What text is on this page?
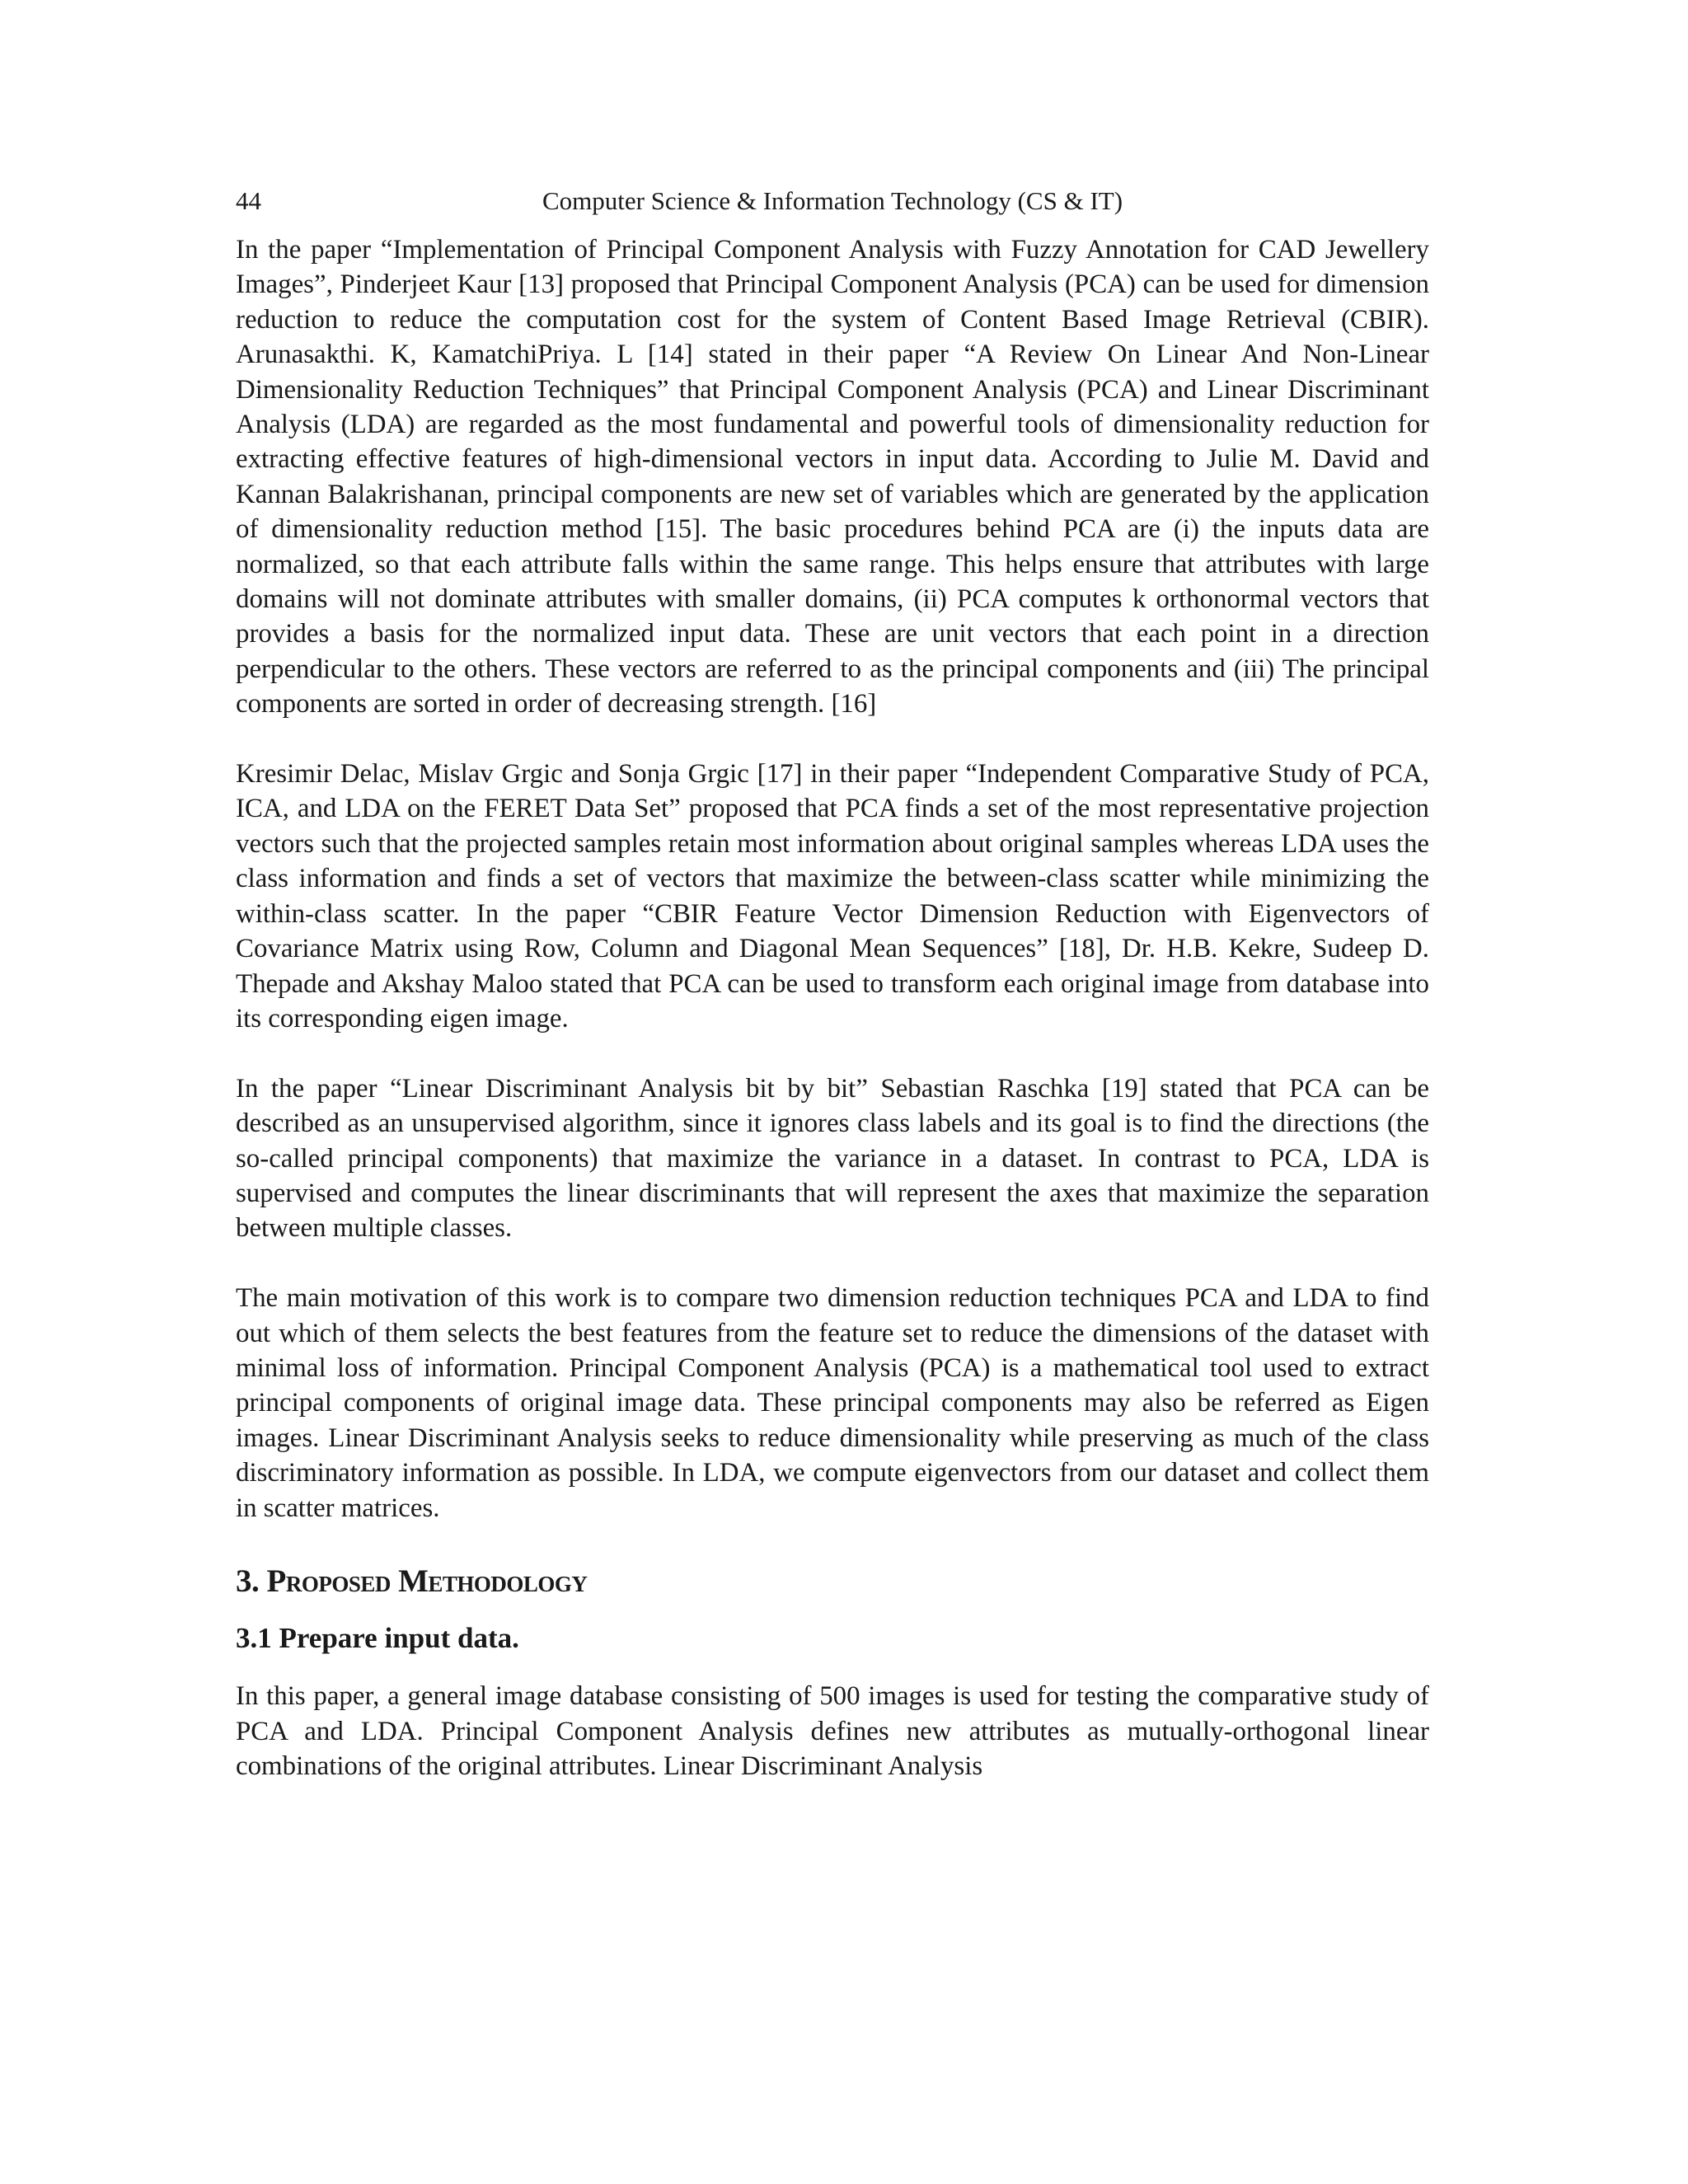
44	Computer Science & Information Technology (CS & IT)

In the paper “Implementation of Principal Component Analysis with Fuzzy Annotation for CAD Jewellery Images”, Pinderjeet Kaur [13] proposed that Principal Component Analysis (PCA) can be used for dimension reduction to reduce the computation cost for the system of Content Based Image Retrieval (CBIR). Arunasakthi. K, KamatchiPriya. L [14] stated in their paper “A Review On Linear And Non-Linear Dimensionality Reduction Techniques” that Principal Component Analysis (PCA) and Linear Discriminant Analysis (LDA) are regarded as the most fundamental and powerful tools of dimensionality reduction for extracting effective features of high-dimensional vectors in input data. According to Julie M. David and Kannan Balakrishanan, principal components are new set of variables which are generated by the application of dimensionality reduction method [15]. The basic procedures behind PCA are (i) the inputs data are normalized, so that each attribute falls within the same range. This helps ensure that attributes with large domains will not dominate attributes with smaller domains, (ii) PCA computes k orthonormal vectors that provides a basis for the normalized input data. These are unit vectors that each point in a direction perpendicular to the others. These vectors are referred to as the principal components and (iii) The principal components are sorted in order of decreasing strength. [16]

Kresimir Delac, Mislav Grgic and Sonja Grgic [17] in their paper “Independent Comparative Study of PCA, ICA, and LDA on the FERET Data Set” proposed that PCA finds a set of the most representative projection vectors such that the projected samples retain most information about original samples whereas LDA uses the class information and finds a set of vectors that maximize the between-class scatter while minimizing the within-class scatter. In the paper “CBIR Feature Vector Dimension Reduction with Eigenvectors of Covariance Matrix using Row, Column and Diagonal Mean Sequences” [18], Dr. H.B. Kekre, Sudeep D. Thepade and Akshay Maloo stated that PCA can be used to transform each original image from database into its corresponding eigen image.

In the paper “Linear Discriminant Analysis bit by bit” Sebastian Raschka [19] stated that PCA can be described as an unsupervised algorithm, since it ignores class labels and its goal is to find the directions (the so-called principal components) that maximize the variance in a dataset. In contrast to PCA, LDA is supervised and computes the linear discriminants that will represent the axes that maximize the separation between multiple classes.

The main motivation of this work is to compare two dimension reduction techniques PCA and LDA to find out which of them selects the best features from the feature set to reduce the dimensions of the dataset with minimal loss of information. Principal Component Analysis (PCA) is a mathematical tool used to extract principal components of original image data. These principal components may also be referred as Eigen images. Linear Discriminant Analysis seeks to reduce dimensionality while preserving as much of the class discriminatory information as possible. In LDA, we compute eigenvectors from our dataset and collect them in scatter matrices.

3. Proposed Methodology
3.1 Prepare input data.

In this paper, a general image database consisting of 500 images is used for testing the comparative study of PCA and LDA. Principal Component Analysis defines new attributes as mutually-orthogonal linear combinations of the original attributes. Linear Discriminant Analysis
